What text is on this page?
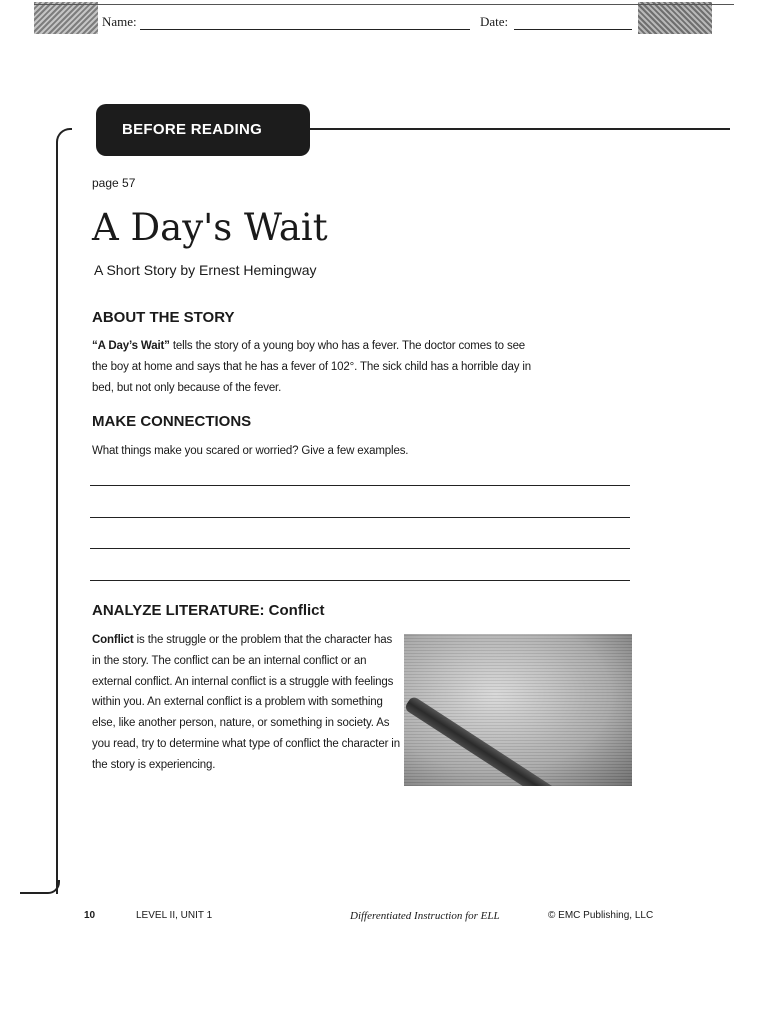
Name:	Date:
BEFORE READING
page 57
A Day's Wait
A Short Story by Ernest Hemingway
ABOUT THE STORY
“A Day’s Wait” tells the story of a young boy who has a fever. The doctor comes to see the boy at home and says that he has a fever of 102°. The sick child has a horrible day in bed, but not only because of the fever.
MAKE CONNECTIONS
What things make you scared or worried? Give a few examples.
ANALYZE LITERATURE: Conflict
Conflict is the struggle or the problem that the character has in the story. The conflict can be an internal conflict or an external conflict. An internal conflict is a struggle with feelings within you. An external conflict is a problem with something else, like another person, nature, or something in society. As you read, try to determine what type of conflict the character in the story is experiencing.
10	LEVEL II, UNIT 1	Differentiated Instruction for ELL	© EMC Publishing, LLC
